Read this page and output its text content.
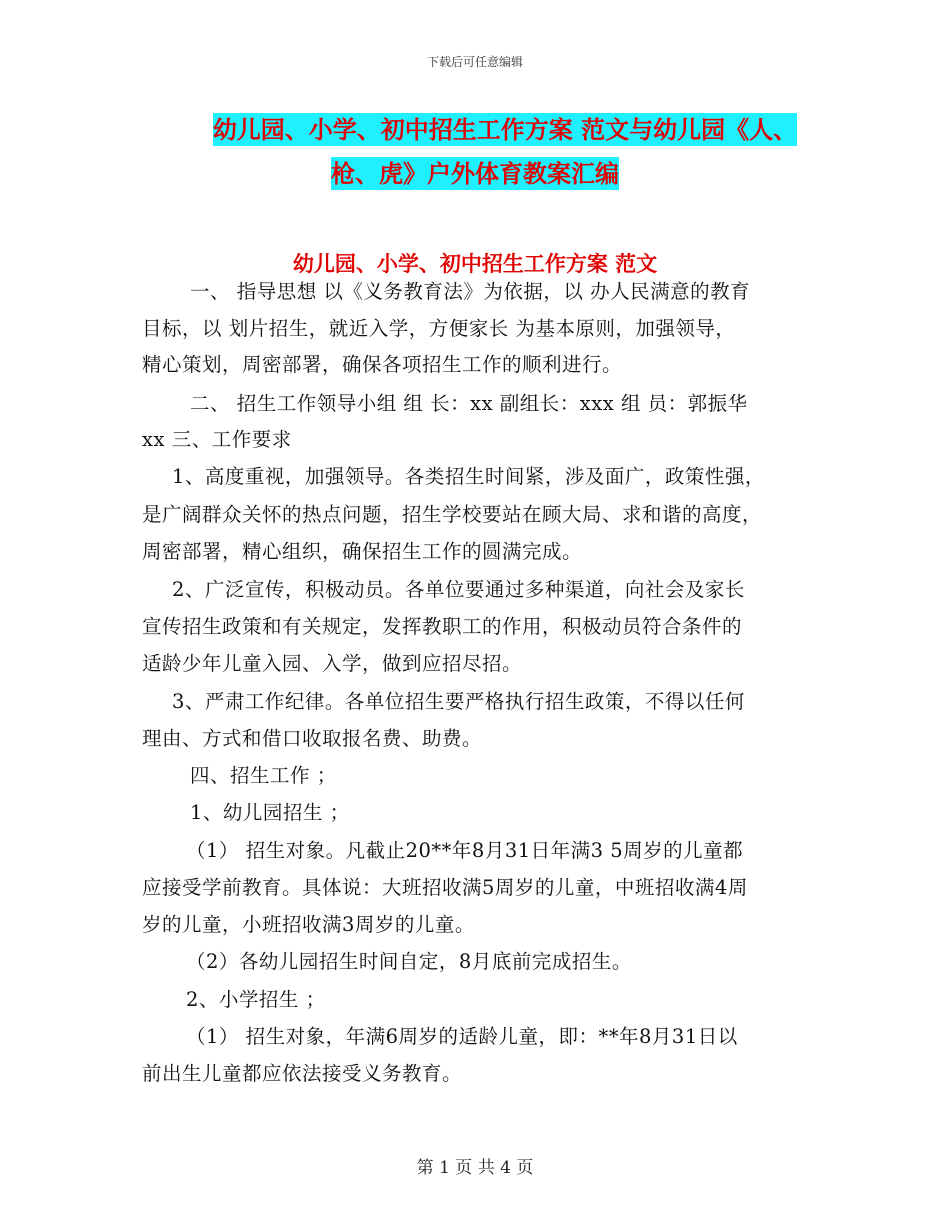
下载后可任意编辑
幼儿园、小学、初中招生工作方案 范文与幼儿园《人、
枪、虎》户外体育教案汇编
幼儿园、小学、初中招生工作方案 范文
一、 指导思想 以《义务教育法》为依据，以 办人民满意的教育
目标，以 划片招生，就近入学，方便家长 为基本原则，加强领导，
精心策划，周密部署，确保各项招生工作的顺利进行。
二、 招生工作领导小组 组 长：xx 副组长：xxx 组 员：郭振华
xx 三、工作要求
1、高度重视，加强领导。各类招生时间紧，涉及面广，政策性强，
是广阔群众关怀的热点问题，招生学校要站在顾大局、求和谐的高度，
周密部署，精心组织，确保招生工作的圆满完成。
2、广泛宣传，积极动员。各单位要通过多种渠道，向社会及家长
宣传招生政策和有关规定，发挥教职工的作用，积极动员符合条件的
适龄少年儿童入园、入学，做到应招尽招。
3、严肃工作纪律。各单位招生要严格执行招生政策，不得以任何
理由、方式和借口收取报名费、助费。
四、招生工作 ；
1、幼儿园招生 ；
（1） 招生对象。凡截止20**年8月31日年满3 5周岁的儿童都
应接受学前教育。具体说：大班招收满5周岁的儿童，中班招收满4周
岁的儿童，小班招收满3周岁的儿童。
（2）各幼儿园招生时间自定，8月底前完成招生。
2、小学招生 ；
（1） 招生对象，年满6周岁的适龄儿童，即：**年8月31日以
前出生儿童都应依法接受义务教育。
第 1 页 共 4 页
